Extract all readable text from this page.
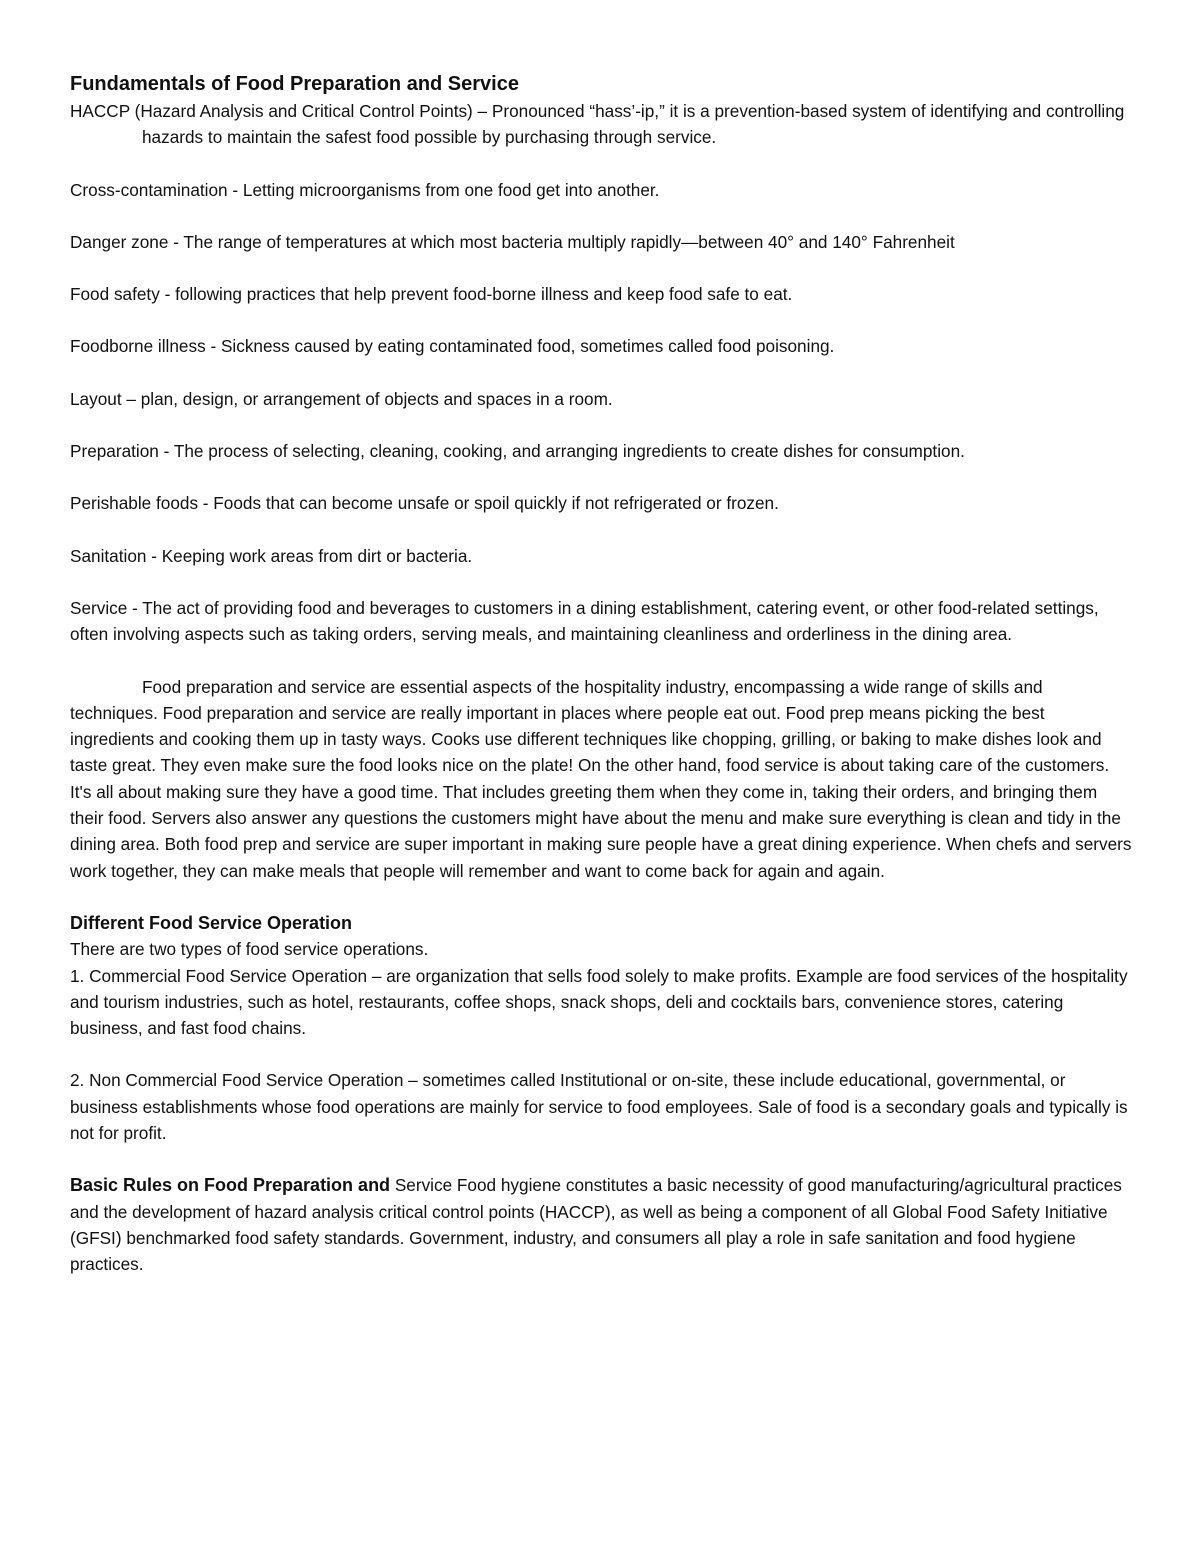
Fundamentals of Food Preparation and Service

HACCP (Hazard Analysis and Critical Control Points) – Pronounced “hass’-ip,” it is a prevention-based system of identifying and controlling hazards to maintain the safest food possible by purchasing through service.

Cross-contamination - Letting microorganisms from one food get into another.

Danger zone - The range of temperatures at which most bacteria multiply rapidly—between 40° and 140° Fahrenheit

Food safety - following practices that help prevent food-borne illness and keep food safe to eat.

Foodborne illness - Sickness caused by eating contaminated food, sometimes called food poisoning.

Layout – plan, design, or arrangement of objects and spaces in a room.

Preparation - The process of selecting, cleaning, cooking, and arranging ingredients to create dishes for consumption.

Perishable foods - Foods that can become unsafe or spoil quickly if not refrigerated or frozen.

Sanitation - Keeping work areas from dirt or bacteria.

Service - The act of providing food and beverages to customers in a dining establishment, catering event, or other food-related settings, often involving aspects such as taking orders, serving meals, and maintaining cleanliness and orderliness in the dining area.

Food preparation and service are essential aspects of the hospitality industry, encompassing a wide range of skills and techniques. Food preparation and service are really important in places where people eat out. Food prep means picking the best ingredients and cooking them up in tasty ways. Cooks use different techniques like chopping, grilling, or baking to make dishes look and taste great. They even make sure the food looks nice on the plate! On the other hand, food service is about taking care of the customers. It's all about making sure they have a good time. That includes greeting them when they come in, taking their orders, and bringing them their food. Servers also answer any questions the customers might have about the menu and make sure everything is clean and tidy in the dining area. Both food prep and service are super important in making sure people have a great dining experience. When chefs and servers work together, they can make meals that people will remember and want to come back for again and again.

Different Food Service Operation

There are two types of food service operations.

1. Commercial Food Service Operation – are organization that sells food solely to make profits. Example are food services of the hospitality and tourism industries, such as hotel, restaurants, coffee shops, snack shops, deli and cocktails bars, convenience stores, catering business, and fast food chains.

2. Non Commercial Food Service Operation – sometimes called Institutional or on-site, these include educational, governmental, or business establishments whose food operations are mainly for service to food employees. Sale of food is a secondary goals and typically is not for profit.

Basic Rules on Food Preparation and Service Food hygiene constitutes a basic necessity of good manufacturing/agricultural practices and the development of hazard analysis critical control points (HACCP), as well as being a component of all Global Food Safety Initiative (GFSI) benchmarked food safety standards. Government, industry, and consumers all play a role in safe sanitation and food hygiene practices.
